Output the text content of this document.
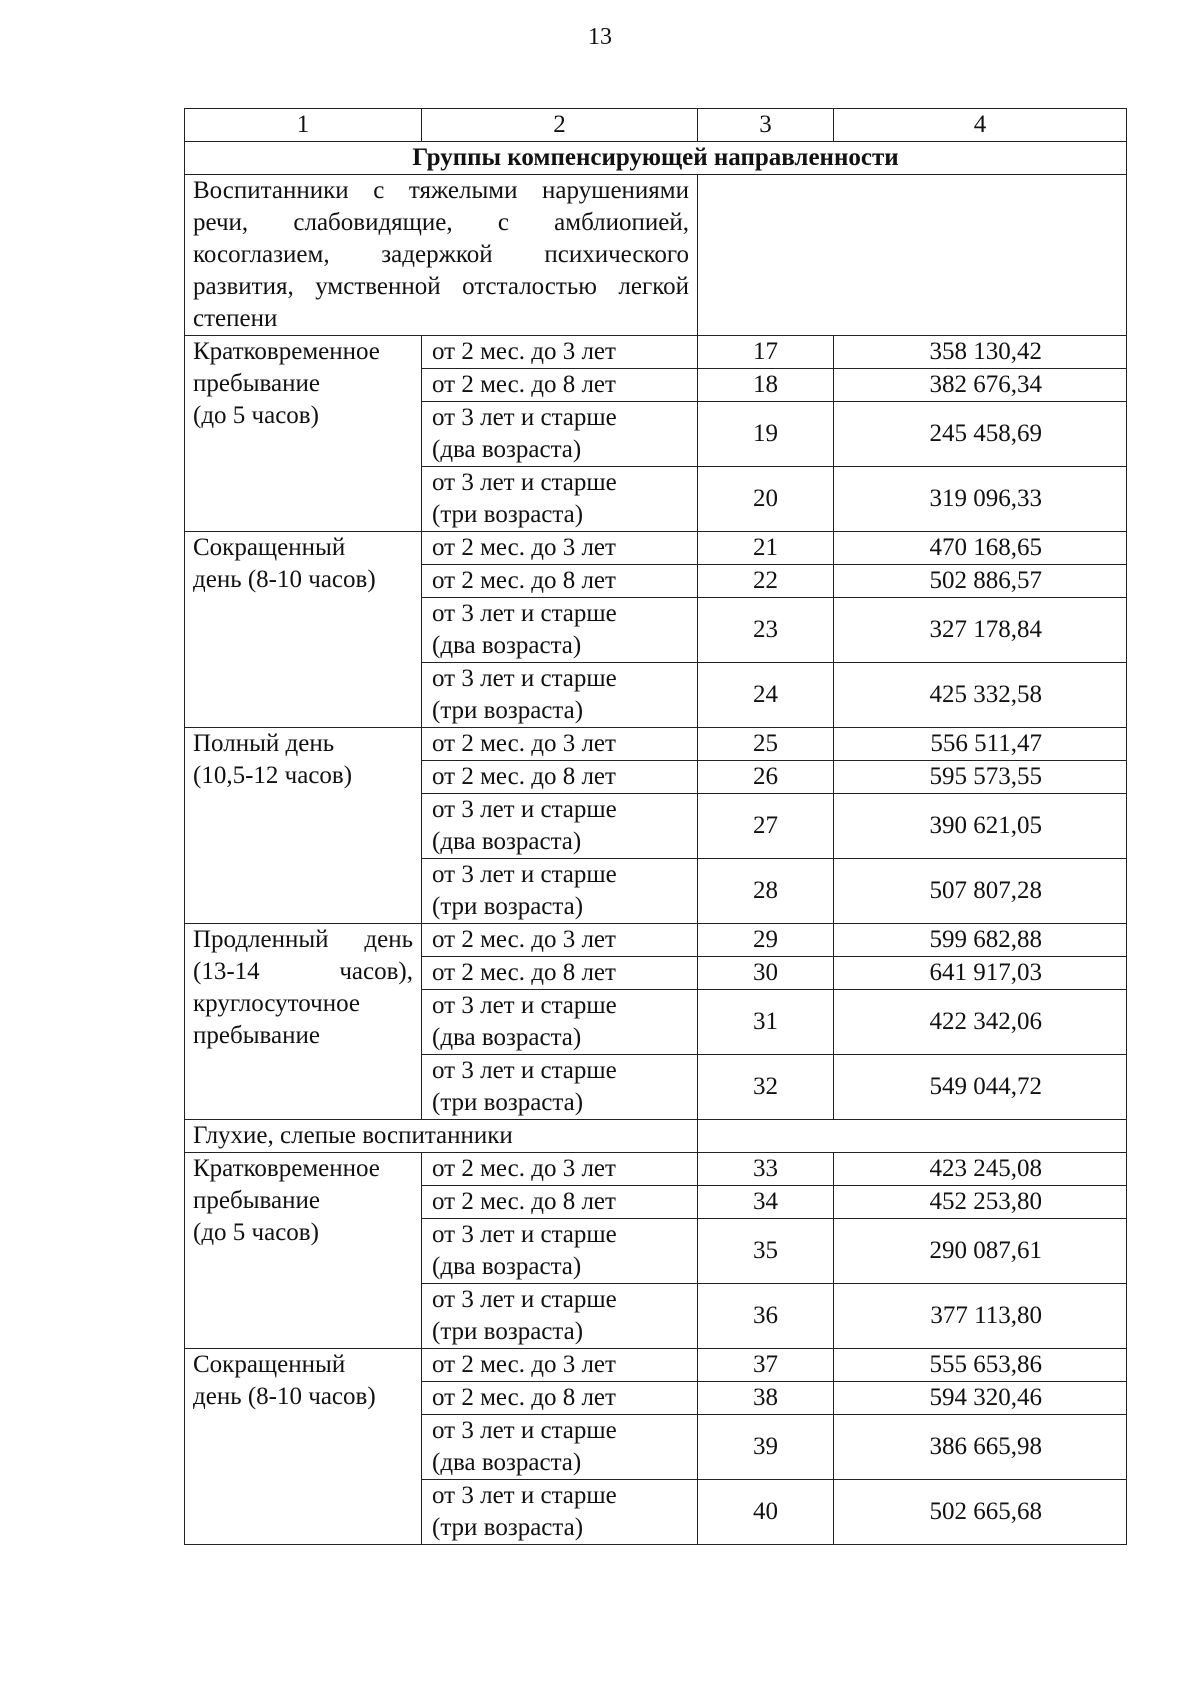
13
1	2	3	4
Группы компенсирующей направленности			
Воспитанники с тяжелыми нарушениями речи, слабовидящие, с амблиопией, косоглазием, задержкой психического развития, умственной отсталостью легкой степени			
Кратковременное
пребывание
(до 5 часов)	от 2 мес. до 3 лет	17	358 130,42
	от 2 мес. до 8 лет	18	382 676,34
	от 3 лет и старше
(два возраста)	19	245 458,69
	от 3 лет и старше
(три возраста)	20	319 096,33
Сокращенный
день (8-10 часов)	от 2 мес. до 3 лет	21	470 168,65
	от 2 мес. до 8 лет	22	502 886,57
	от 3 лет и старше
(два возраста)	23	327 178,84
	от 3 лет и старше
(три возраста)	24	425 332,58
Полный день
(10,5-12 часов)	от 2 мес. до 3 лет	25	556 511,47
	от 2 мес. до 8 лет	26	595 573,55
	от 3 лет и старше
(два возраста)	27	390 621,05
	от 3 лет и старше
(три возраста)	28	507 807,28
Продленный день (13-14 часов), круглосуточное пребывание	от 2 мес. до 3 лет	29	599 682,88
	от 2 мес. до 8 лет	30	641 917,03
	от 3 лет и старше
(два возраста)	31	422 342,06
	от 3 лет и старше
(три возраста)	32	549 044,72
Глухие, слепые воспитанники			
Кратковременное
пребывание
(до 5 часов)	от 2 мес. до 3 лет	33	423 245,08
	от 2 мес. до 8 лет	34	452 253,80
	от 3 лет и старше
(два возраста)	35	290 087,61
	от 3 лет и старше
(три возраста)	36	377 113,80
Сокращенный
день (8-10 часов)	от 2 мес. до 3 лет	37	555 653,86
	от 2 мес. до 8 лет	38	594 320,46
	от 3 лет и старше
(два возраста)	39	386 665,98
	от 3 лет и старше
(три возраста)	40	502 665,68
